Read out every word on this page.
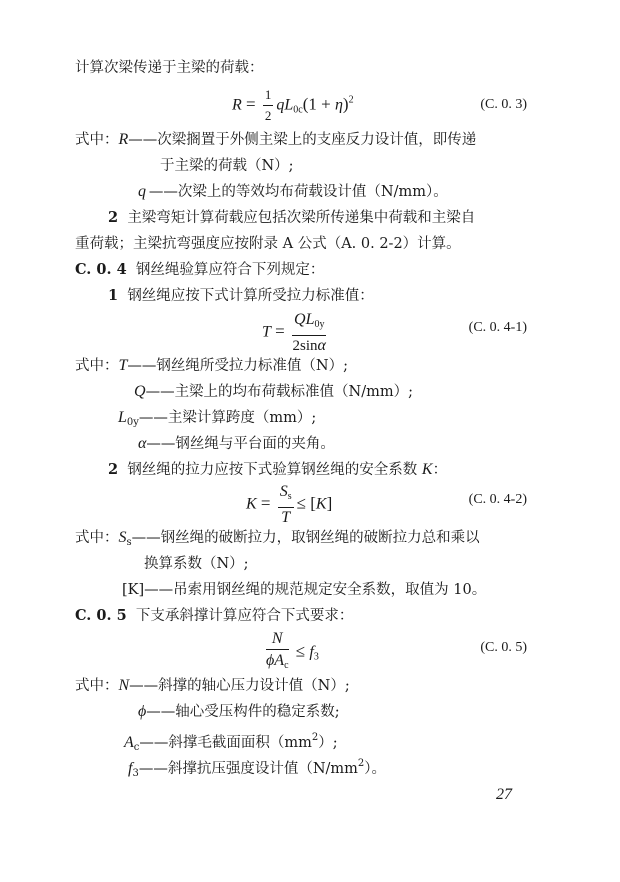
计算次梁传递于主梁的荷载：
$R = \frac{1}{2} qL_{0c}(1 + \eta)^2$	(C. 0. 3)
式中：R——次梁搁置于外侧主梁上的支座反力设计值，即传递
于主梁的荷载（N）;
q  ——次梁上的等效均布荷载设计值（N/mm）。
2 主梁弯矩计算荷载应包括次梁所传递集中荷载和主梁自
重荷载；主梁抗弯强度应按附录 A 公式（A. 0. 2-2）计算。
C. 0. 4 钢丝绳验算应符合下列规定：
1 钢丝绳应按下式计算所受拉力标准值：
$T = \frac{QL_{0y}}{2\sin\alpha}$	(C. 0. 4-1)
式中：T——钢丝绳所受拉力标准值（N）;
Q——主梁上的均布荷载标准值（N/mm）;
$L_{0y}——$主梁计算跨度（mm）;
α——钢丝绳与平台面的夹角。
2 钢丝绳的拉力应按下式验算钢丝绳的安全系数 K：
$K = \frac{S_s}{T} \le [K]$	(C. 0. 4-2)
式中：$S_s——$钢丝绳的破断拉力，取钢丝绳的破断拉力总和乘以
换算系数（N）;
[K]——吊索用钢丝绳的规范规定安全系数，取值为 10。
C. 0. 5 下支承斜撑计算应符合下式要求：
$\frac{N}{\phi A_c} \le f_3$
(C. 0. 5)
式中：N——斜撑的轴心压力设计值（N）;
ϕ——轴心受压构件的稳定系数;
$A_c——$斜撑毛截面面积$(mm^2)$;
$f_3——$斜撑抗压强度设计值$(N/mm^2)$。
27
